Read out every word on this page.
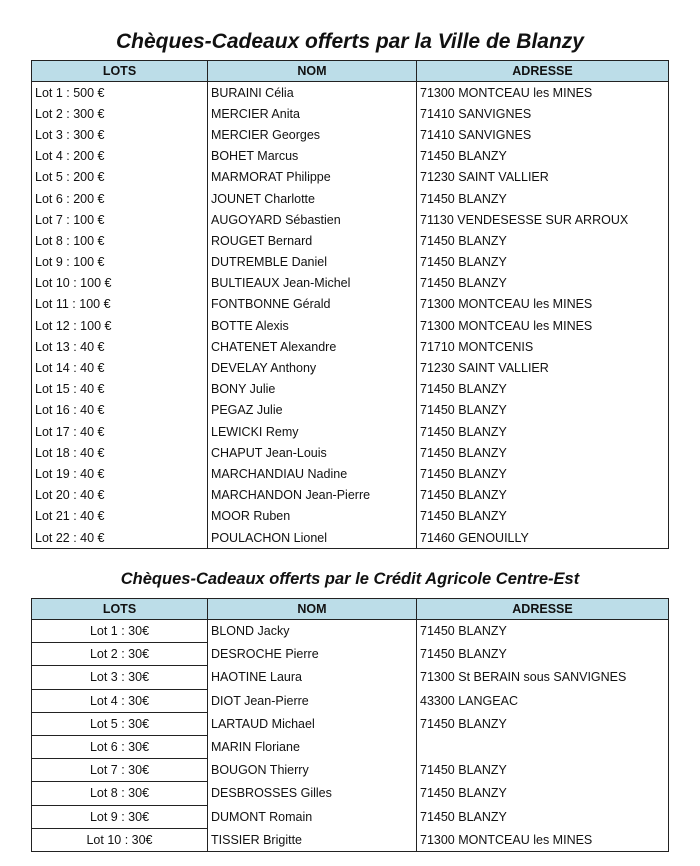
Chèques-Cadeaux offerts par la Ville de Blanzy
LOTS	NOM	ADRESSE
Lot 1 : 500 €	BURAINI Célia	71300 MONTCEAU les MINES
Lot 2 : 300 €	MERCIER Anita	71410 SANVIGNES
Lot 3 : 300 €	MERCIER Georges	71410 SANVIGNES
Lot 4 : 200 €	BOHET Marcus	71450 BLANZY
Lot 5 : 200 €	MARMORAT Philippe	71230 SAINT VALLIER
Lot 6 : 200 €	JOUNET Charlotte	71450 BLANZY
Lot 7 : 100 €	AUGOYARD Sébastien	71130 VENDESESSE SUR ARROUX
Lot 8 : 100 €	ROUGET Bernard	71450 BLANZY
Lot 9 : 100 €	DUTREMBLE Daniel	71450 BLANZY
Lot 10 : 100 €	BULTIEAUX Jean-Michel	71450 BLANZY
Lot 11 : 100 €	FONTBONNE Gérald	71300 MONTCEAU les MINES
Lot 12 : 100 €	BOTTE Alexis	71300 MONTCEAU les MINES
Lot 13 : 40 €	CHATENET Alexandre	71710 MONTCENIS
Lot 14 : 40 €	DEVELAY Anthony	71230 SAINT VALLIER
Lot 15 : 40 €	BONY Julie	71450 BLANZY
Lot 16 : 40 €	PEGAZ Julie	71450 BLANZY
Lot 17 : 40 €	LEWICKI Remy	71450 BLANZY
Lot 18 : 40 €	CHAPUT Jean-Louis	71450 BLANZY
Lot 19 : 40 €	MARCHANDIAU Nadine	71450 BLANZY
Lot 20 : 40 €	MARCHANDON Jean-Pierre	71450 BLANZY
Lot 21 : 40 €	MOOR Ruben	71450 BLANZY
Lot 22 : 40 €	POULACHON Lionel	71460 GENOUILLY
Chèques-Cadeaux offerts par le Crédit Agricole Centre-Est
LOTS	NOM	ADRESSE
Lot 1 : 30€	BLOND Jacky	71450 BLANZY
Lot 2 : 30€	DESROCHE Pierre	71450 BLANZY
Lot 3 : 30€	HAOTINE Laura	71300 St BERAIN sous SANVIGNES
Lot 4 : 30€	DIOT Jean-Pierre	43300 LANGEAC
Lot 5 : 30€	LARTAUD Michael	71450 BLANZY
Lot 6 : 30€	MARIN Floriane	
Lot 7 : 30€	BOUGON Thierry	71450 BLANZY
Lot 8 : 30€	DESBROSSES Gilles	71450 BLANZY
Lot 9 : 30€	DUMONT Romain	71450 BLANZY
Lot 10 : 30€	TISSIER Brigitte	71300 MONTCEAU les MINES
